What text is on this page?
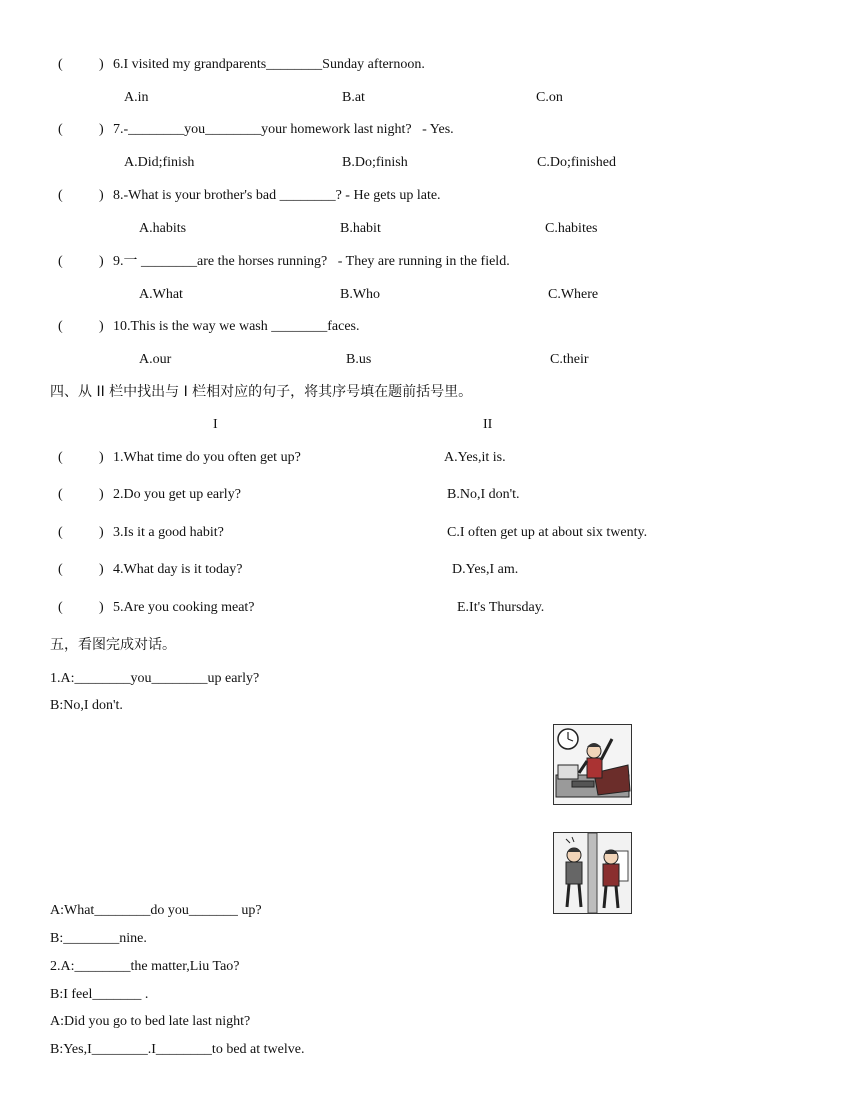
(	) 6.I visited my grandparents________Sunday afternoon.
A.in	B.at	C.on
(	) 7.-________you________your homework last night?   - Yes.
A.Did;finish	B.Do;finish	C.Do;finished
(	) 8.-What is your brother's bad ________? - He gets up late.
A.habits	B.habit	C.habites
(	) 9.一 ________are the horses running?   - They are running in the field.
A.What	B.Who	C.Where
(	) 10.This is the way we wash ________faces.
A.our	B.us	C.their
四、从 II 栏中找出与 I 栏相对应的句子，将其序号填在题前括号里。
I	II
(	) 1.What time do you often get up?	A.Yes,it is.
(	) 2.Do you get up early?	B.No,I don't.
(	) 3.Is it a good habit?	C.I often get up at about six twenty.
(	) 4.What day is it today?	D.Yes,I am.
(	) 5.Are you cooking meat?	E.It's Thursday.
五，看图完成对话。
1.A:________you________up early?
B:No,I don't.
A:What________do you_______ up?
B:________nine.
2.A:________the matter,Liu Tao?
B:I feel_______ .
A:Did you go to bed late last night?
B:Yes,I________.I________to bed at twelve.
